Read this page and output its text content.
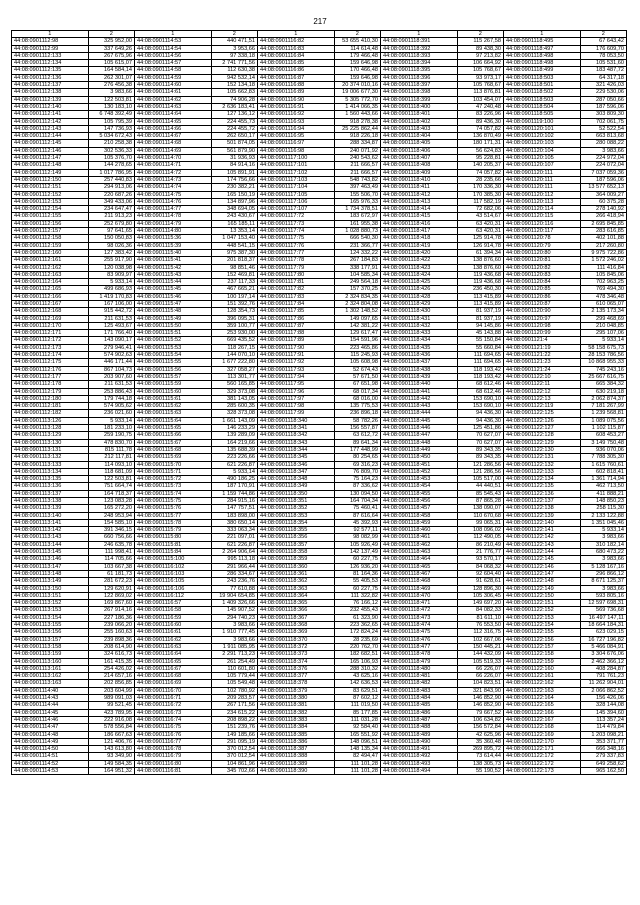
217
1	2	1	2	1	2	1	2	1	2
44:08:0901112:98	325 952,00	44:08:0901114:53	440 471,51	44:08:0901116:82	53 655 410,30	44:08:0901118:391	115 267,58	44:08:0901118:495	67 643,42
44:08:0901112:99	337 649,26	44:08:0901114:54	3 953,66	44:08:0901116:83	114 614,48	44:08:0901118:392	89 438,30	44:08:0901118:497	176 609,70
44:08:0901112:133	267 675,96	44:08:0901114:56	97 338,18	44:08:0901116:84	179 466,48	44:08:0901118:393	97 213,82	44:08:0901118:498	78 053,50
44:08:0901112:134	105 615,07	44:08:0901114:57	2 741 771,56	44:08:0901116:85	159 646,98	44:08:0901118:394	106 664,92	44:08:0901118:498	105 531,60
44:08:0901112:135	164 584,14	44:08:0901114:58	112 630,38	44:08:0901116:86	170 466,48	44:08:0901118:395	105 768,67	44:08:0901118:499	183 487,72
44:08:0901112:136	262 301,07	44:08:0901114:59	942 532,14	44:08:0901116:87	159 646,98	44:08:0901118:396	93 973,17	44:08:0901118:503	64 317,18
44:08:0901112:137	276 456,38	44:08:0901114:60	152 134,18	44:08:0901116:88	20 374 010,16	44:08:0901118:397	105 768,67	44:08:0901118:501	321 426,03
44:08:0901112:138	3 983,66	44:08:0901114:61	105 662,83	44:08:0901116:89	19 006 677,30	44:08:0901118:398	113 876,81	44:08:0901118:502	229 530,06
44:08:0901112:139	122 503,81	44:08:0901114:62	74 906,28	44:08:0901116:90	5 305 772,70	44:08:0901118:399	103 454,07	44:08:0901118:503	287 050,66
44:08:0901112:140	130 183,10	44:08:0901114:63	2 636 183,41	44:08:0901116:91	1 414 066,35	44:08:0901118:400	47 240,48	44:08:0901118:504	187 596,06
44:08:0901112:141	6 748 392,49	44:08:0901114:64	127 136,12	44:08:0901116:92	1 560 443,66	44:08:0901118:401	83 226,96	44:08:0901118:505	303 809,30
44:08:0901112:142	105 795,39	44:08:0901114:65	224 455,73	44:08:0901116:93	918 278,38	44:08:0901118:402	89 436,30	44:08:0901119:100	702 061,75
44:08:0901112:143	147 736,93	44:08:0901114:66	224 455,72	44:08:0901116:94	25 225 862,44	44:08:0901118:403	74 057,82	44:08:0901120:101	52 522,54
44:08:0901112:144	5 034 672,43	44:08:0901114:67	262 650,17	44:08:0901116:95	918 226,18	44:08:0901118:404	136 870,49	44:08:0901120:102	663 813,68
44:08:0901112:145	210 258,38	44:08:0901114:68	501 874,05	44:08:0901116:97	288 334,87	44:08:0901118:405	180 171,31	44:08:0901120:103	280 088,22
44:08:0901112:146	302 536,33	44:08:0901114:69	561 879,90	44:08:0901116:98	240 071,92	44:08:0901118:406	56 624,83	44:08:0901120:104	3 983,66
44:08:0901112:147	105 376,70	44:08:0901114:70	31 936,93	44:08:0901117:100	240 543,62	44:08:0901118:407	95 228,81	44:08:0901120:105	224 972,04
44:08:0901112:148	144 278,65	44:08:0901114:71	84 914,16	44:08:0901117:101	211 666,57	44:08:0901118:408	140 205,37	44:08:0901120:107	224 072,04
44:08:0901112:149	1 017 786,95	44:08:0901114:72	105 891,91	44:08:0901117:102	211 666,57	44:08:0901118:409	74 057,82	44:08:0901120:111	7 037 059,36
44:08:0901112:150	257 440,83	44:08:0901114:73	174 756,66	44:08:0901117:103	548 743,82	44:08:0901118:410	28 235,66	44:08:0901120:111	187 596,06
44:08:0901112:151	294 913,06	44:08:0901114:74	230 382,21	44:08:0901117:104	397 463,49	44:08:0901118:411	170 336,30	44:08:0901120:111	13 577 652,13
44:08:0901112:152	220 687,26	44:08:0901114:75	165 150,19	44:08:0901117:105	155 506,70	44:08:0901118:412	170 385,30	44:08:0901120:112	364 009,27
44:08:0901112:153	349 433,06	44:08:0901114:76	134 897,96	44:08:0901117:106	165 976,33	44:08:0901118:413	117 582,19	44:08:0901120:113	60 375,28
44:08:0901112:154	234 647,47	44:08:0901114:77	348 694,05	44:08:0901117:107	1 734 378,51	44:08:0901118:414	72 682,06	44:08:0901120:114	278 140,92
44:08:0901112:155	211 913,23	44:08:0901114:78	243 430,67	44:08:0901117:72	183 672,97	44:08:0901118:415	43 514,67	44:08:0901120:115	266 418,94
44:08:0901112:156	252 679,80	44:08:0901114:79	165 185,11	44:08:0901117:73	161 955,38	44:08:0901118:416	63 420,31	44:08:0901120:116	2 695 845,85
44:08:0901112:157	97 641,65	44:08:0901114:80	13 353,14	44:08:0901117:74	1 028 880,73	44:08:0901118:417	63 420,31	44:08:0901120:117	283 616,85
44:08:0901112:158	150 050,83	44:08:0901115:36	1 047 153,40	44:08:0901117:75	666 540,30	44:08:0901118:418	125 914,78	44:08:0901120:78	402 101,88
44:08:0901112:159	98 026,36	44:08:0901115:39	448 541,15	44:08:0901117:76	231 366,77	44:08:0901118:419	126 914,78	44:08:0901120:79	217 260,80
44:08:0901112:160	127 383,42	44:08:0901115:40	975 387,30	44:08:0901117:77	124 332,22	44:08:0901118:420	61 394,34	44:08:0901120:80	9 975 722,86
44:08:0901112:161	255 917,90	44:08:0901115:41	201 818,37	44:08:0901117:78	267 184,83	44:08:0901118:422	138 876,60	44:08:0901120:81	1 572 246,02
44:08:0901112:162	120 038,98	44:08:0901115:42	98 851,46	44:08:0901117:79	338 177,91	44:08:0901118:423	138 876,60	44:08:0901120:82	111 416,84
44:08:0901112:163	83 909,97	44:08:0901115:43	152 469,81	44:08:0901117:80	104 585,34	44:08:0901118:424	119 436,68	44:08:0901120:83	105 845,06
44:08:0901112:164	5 933,14	44:08:0901115:44	237 117,33	44:08:0901117:81	249 564,18	44:08:0901118:425	119 436,68	44:08:0901120:84	702 963,25
44:08:0901112:165	499 686,93	44:08:0901115:45	467 665,21	44:08:0901117:82	157 370,25	44:08:0901118:426	236 450,30	44:08:0901120:85	769 494,30
44:08:0901112:166	1 419 170,83	44:08:0901115:46	100 197,14	44:08:0901117:83	2 324 834,35	44:08:0901118:428	113 415,89	44:08:0901120:86	478 346,48
44:08:0901112:167	167 106,00	44:08:0901115:47	151 392,76	44:08:0901117:84	2 324 804,08	44:08:0901118:429	113 415,89	44:08:0901120:87	610 065,07
44:08:0901112:168	915 442,72	44:08:0901115:48	128 354,73	44:08:0901117:85	1 302 148,52	44:08:0901118:430	81 937,19	44:08:0901120:90	2 135 173,34
44:08:0901112:169	211 631,53	44:08:0901115:49	396 095,31	44:08:0901117:86	149 097,65	44:08:0901118:431	81 937,19	44:08:0901120:97	299 468,69
44:08:0901112:170	125 493,67	44:08:0901115:50	359 100,77	44:08:0901117:87	142 381,22	44:08:0901118:432	94 145,86	44:08:0901120:98	210 048,85
44:08:0901112:171	171 766,40	44:08:0901115:51	253 930,00	44:08:0901117:88	129 617,47	44:08:0901118:433	45 143,88	44:08:0901120:99	295 107,06
44:08:0901112:172	143 090,17	44:08:0901115:52	669 435,52	44:08:0901117:89	154 591,96	44:08:0901118:434	55 150,84	44:08:0901121:4	5 933,14
44:08:0901112:173	279 946,41	44:08:0901115:53	118 267,15	44:08:0901117:90	223 465,86	44:08:0901118:435	55 660,84	44:08:0901121:19	58 158 675,73
44:08:0901112:174	574 902,63	44:08:0901115:54	144 070,10	44:08:0901117:91	115 245,93	44:08:0901118:436	111 694,65	44:08:0901121:22	28 153 786,56
44:08:0901112:175	446 171,44	44:08:0901115:55	1 677 222,80	44:08:0901117:92	105 608,98	44:08:0901118:437	111 694,65	44:08:0901121:23	10 868 955,33
44:08:0901112:176	867 104,73	44:08:0901115:56	327 058,27	44:08:0901117:93	52 674,43	44:08:0901118:438	118 193,42	44:08:0901121:24	745 243,16
44:08:0901112:177	203 907,60	44:08:0901115:57	113 301,77	44:08:0901117:94	57 671,50	44:08:0901118:439	118 193,42	44:08:0901122:10	25 667 616,75
44:08:0901112:178	211 631,53	44:08:0901115:59	560 165,85	44:08:0901117:95	67 651,98	44:08:0901118:440	68 612,46	44:08:0901122:11	665 384,32
44:08:0901112:179	253 886,43	44:08:0901115:60	329 373,08	44:08:0901117:96	68 017,34	44:08:0901118:441	68 612,46	44:08:0901122:12	630 219,18
44:08:0901112:180	179 744,18	44:08:0901115:61	381 143,05	44:08:0901117:97	68 016,00	44:08:0901118:442	153 690,10	44:08:0901122:13	2 062 874,37
44:08:0901112:181	574 905,62	44:08:0901115:62	285 600,35	44:08:0901117:98	135 775,53	44:08:0901118:443	153 690,10	44:08:0901122:119	7 181 267,99
44:08:0901112:182	236 021,60	44:08:0901115:63	328 373,08	44:08:0901117:99	236 896,18	44:08:0901118:444	94 436,30	44:08:0901122:125	1 239 568,81
44:08:0901113:126	5 933,14	44:08:0901115:64	1 661 143,09	44:08:0901118:340	58 782,26	44:08:0901118:445	94 436,30	44:08:0901122:126	1 089 075,56
44:08:0901113:128	181 233,10	44:08:0901115:65	146 233,29	44:08:0901118:341	156 557,87	44:08:0901118:446	125 451,86	44:08:0901122:127	1 102 115,87
44:08:0901113:129	259 190,75	44:08:0901115:66	139 289,09	44:08:0901118:342	63 612,72	44:08:0901118:447	70 627,07	44:08:0901122:128	608 453,27
44:08:0901113:130	478 830,70	44:08:0901115:67	164 219,66	44:08:0901118:343	89 641,34	44:08:0901118:448	70 627,07	44:08:0901122:129	3 149 750,48
44:08:0901113:131	815 111,78	44:08:0901115:68	135 688,39	44:08:0901118:344	177 448,99	44:08:0901118:449	89 343,35	44:08:0901122:130	936 070,06
44:08:0901113:132	212 117,81	44:08:0901115:69	223 226,66	44:08:0901118:345	80 254,65	44:08:0901118:450	89 343,35	44:08:0901122:131	7 788 305,30
44:08:0901113:133	114 093,10	44:08:0901115:70	621 226,87	44:08:0901118:346	69 316,23	44:08:0901118:451	121 286,56	44:08:0901122:132	1 615 760,61
44:08:0901113:134	118 681,09	44:08:0901115:71	5 933,14	44:08:0901118:347	76 809,70	44:08:0901118:452	121 286,56	44:08:0901122:133	602 818,41
44:08:0901113:135	122 503,81	44:08:0901115:72	490 186,25	44:08:0901118:348	75 164,23	44:08:0901118:453	105 517,00	44:08:0901122:134	1 361 714,94
44:08:0901113:136	751 664,74	44:08:0901115:73	187 170,91	44:08:0901118:349	87 336,62	44:08:0901118:454	44 440,51	44:08:0901122:135	462 713,50
44:08:0901113:137	164 718,37	44:08:0901115:74	1 159 744,86	44:08:0901118:350	130 094,50	44:08:0901118:455	85 545,43	44:08:0901122:136	411 888,21
44:08:0901113:138	123 083,28	44:08:0901115:75	284 915,16	44:08:0901118:351	164 704,34	44:08:0901118:456	87 865,28	44:08:0901122:137	148 850,23
44:08:0901113:139	165 272,20	44:08:0901115:76	147 757,51	44:08:0901118:352	75 460,41	44:08:0901118:457	138 090,07	44:08:0901122:138	258 115,30
44:08:0901113:140	248 953,94	44:08:0901115:77	183 898,00	44:08:0901118:353	87 616,64	44:08:0901118:458	110 670,68	44:08:0901122:139	2 133 122,88
44:08:0901113:141	154 585,10	44:08:0901115:78	380 650,14	44:08:0901118:354	45 392,93	44:08:0901118:459	99 065,31	44:08:0901122:140	1 351 045,46
44:08:0901113:142	391 346,15	44:08:0901115:79	333 063,34	44:08:0901118:355	92 577,11	44:08:0901118:460	108 096,02	44:08:0901122:141	5 933,14
44:08:0901113:143	660 756,66	44:08:0901115:80	221 097,01	44:08:0901118:356	98 082,99	44:08:0901118:461	112 490,05	44:08:0901122:142	3 983,66
44:08:0901113:144	246 635,78	44:08:0901115:81	621 226,87	44:08:0901118:357	105 926,49	44:08:0901118:462	86 210,49	44:08:0901122:143	310 182,14
44:08:0901113:145	111 998,41	44:08:0901115:84	2 264 906,64	44:08:0901118:358	142 137,49	44:08:0901118:463	21 776,77	44:08:0901122:144	680 473,22
44:08:0901113:146	114 705,66	44:08:0901115:100	995 113,18	44:08:0901118:359	60 227,75	44:08:0901118:464	93 570,17	44:08:0901122:145	3 983,66
44:08:0901113:147	103 667,38	44:08:0901116:102	291 966,44	44:08:0901118:360	126 936,20	44:08:0901118:465	84 068,32	44:08:0901122:146	5 128 167,16
44:08:0901113:148	61 181,73	44:08:0901116:103	286 334,67	44:08:0901118:361	81 164,36	44:08:0901118:467	92 604,40	44:08:0901122:147	296 866,12
44:08:0901113:149	281 672,23	44:08:0901116:105	243 236,76	44:08:0901118:362	55 405,53	44:08:0901118:468	91 628,61	44:08:0901122:148	8 671 125,37
44:08:0901113:150	129 620,91	44:08:0901116:106	77 610,88	44:08:0901118:363	60 227,75	44:08:0901118:469	128 896,30	44:08:0901122:149	3 983,66
44:08:0901113:151	122 869,02	44:08:0901116:112	19 904 654,85	44:08:0901118:364	111 322,82	44:08:0901118:470	105 306,45	44:08:0901122:150	593 805,16
44:08:0901113:152	169 867,60	44:08:0901116:57	1 409 326,66	44:08:0901118:365	76 166,12	44:08:0901118:471	149 697,20	44:08:0901122:151	12 597 698,31
44:08:0901113:153	267 914,16	44:08:0901116:58	145 907,52	44:08:0901118:366	232 455,43	44:08:0901118:472	84 082,33	44:08:0901122:152	569 736,68
44:08:0901113:154	227 186,36	44:08:0901116:59	294 740,23	44:08:0901118:367	61 323,90	44:08:0901118:473	81 611,10	44:08:0901122:153	16 497 147,11
44:08:0901113:155	239 066,20	44:08:0901116:60	3 983,66	44:08:0901118:368	223 362,65	44:08:0901118:474	76 553,50	44:08:0901122:154	18 664 184,31
44:08:0901113:156	255 160,63	44:08:0901116:61	1 910 777,45	44:08:0901118:369	172 824,24	44:08:0901118:475	112 316,75	44:08:0901122:155	623 029,15
44:08:0901113:157	239 898,36	44:08:0901116:62	3 983,66	44:08:0901118:370	28 235,69	44:08:0901118:476	102 667,06	44:08:0901122:156	16 727 196,82
44:08:0901113:158	208 614,90	44:08:0901116:63	1 911 085,95	44:08:0901118:372	220 762,70	44:08:0901118:477	150 445,21	44:08:0901122:157	5 466 084,91
44:08:0901113:159	324 616,73	44:08:0901116:64	2 291 713,23	44:08:0901118:373	182 682,51	44:08:0901118:478	144 432,09	44:08:0901122:158	3 304 676,06
44:08:0901113:160	161 415,35	44:08:0901116:65	261 254,49	44:08:0901118:374	165 106,93	44:08:0901118:479	105 519,33	44:08:0901122:159	2 462 366,12
44:08:0901113:161	254 426,02	44:08:0901116:67	110 601,80	44:08:0901118:376	288 310,32	44:08:0901118:480	66 226,07	44:08:0901122:160	408 284,87
44:08:0901113:162	214 657,16	44:08:0901116:68	105 779,44	44:08:0901118:377	43 625,16	44:08:0901118:481	66 226,07	44:08:0901122:161	791 761,23
44:08:0901113:163	202 856,85	44:08:0901116:69	105 549,48	44:08:0901118:378	142 636,53	44:08:0901118:482	104 823,51	44:08:0901122:162	11 262 904,01
44:08:0901114:40	203 604,99	44:08:0901116:70	102 780,92	44:08:0901118:379	83 629,51	44:08:0901118:483	321 843,90	44:08:0901122:163	2 066 862,52
44:08:0901114:43	989 091,03	44:08:0901116:71	209 283,57	44:08:0901118:380	87 602,12	44:08:0901118:484	146 852,90	44:08:0901122:164	156 426,06
44:08:0901114:44	99 521,45	44:08:0901116:72	267 171,56	44:08:0901118:381	111 019,50	44:08:0901118:485	146 852,90	44:08:0901122:165	328 144,08
44:08:0901114:45	423 789,95	44:08:0901116:73	234 615,22	44:08:0901118:382	85 177,85	44:08:0901118:486	79 667,52	44:08:0901122:166	145 394,60
44:08:0901114:46	222 916,08	44:08:0901116:74	208 898,22	44:08:0901118:383	111 031,28	44:08:0901118:487	106 634,82	44:08:0901122:167	113 357,24
44:08:0901114:47	578 556,84	44:08:0901116:75	151 239,76	44:08:0901118:384	92 584,40	44:08:0901118:488	156 572,84	44:08:0901122:168	114 479,84
44:08:0901114:48	186 667,63	44:08:0901116:76	149 185,66	44:08:0901118:385	165 551,92	44:08:0901118:489	42 625,96	44:08:0901122:169	1 203 098,21
44:08:0901114:49	121 406,76	44:08:0901116:77	291 095,19	44:08:0901118:386	148 096,51	44:08:0901118:490	35 360,48	44:08:0901122:170	353 371,77
44:08:0901114:50	143 613,80	44:08:0901116:78	370 012,54	44:08:0901118:387	148 135,34	44:08:0901118:491	269 895,72	44:08:0901122:171	666 348,16
44:08:0901114:51	93 349,90	44:08:0901116:79	370 012,54	44:08:0901118:388	82 494,47	44:08:0901118:492	73 614,44	44:08:0901122:172	279 337,83
44:08:0901114:52	149 584,35	44:08:0901116:80	104 861,96	44:08:0901118:389	111 101,28	44:08:0901118:493	138 305,73	44:08:0901122:172	649 258,62
44:08:0901114:53	164 951,32	44:08:0901116:81	345 702,66	44:08:0901118:390	111 101,28	44:08:0901118:494	55 190,52	44:08:0901122:173	965 162,50
